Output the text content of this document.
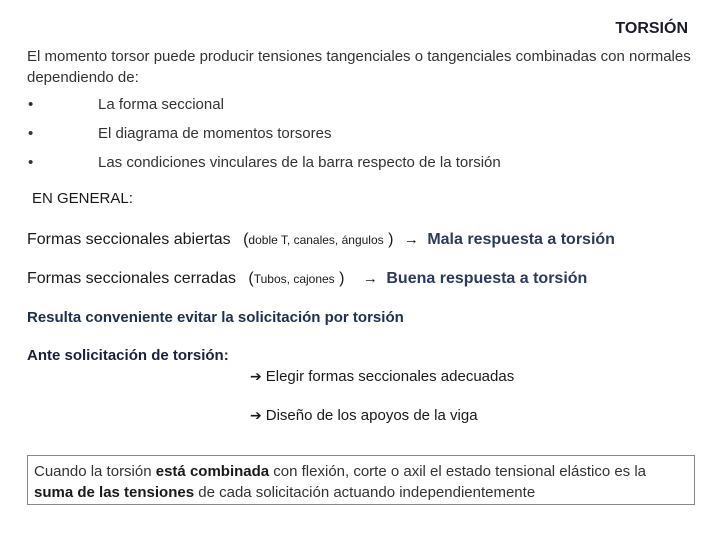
TORSIÓN
El momento torsor puede producir tensiones tangenciales o tangenciales combinadas con normales dependiendo de:
•	La forma seccional
•	El diagrama de momentos torsores
•	Las condiciones vinculares de la barra respecto de la torsión
EN GENERAL:
Formas seccionales abiertas (doble T, canales, ángulos ) → Mala respuesta a torsión
Formas seccionales cerradas (Tubos, cajones ) → Buena respuesta a torsión
Resulta conveniente evitar la solicitación por torsión
Ante solicitación de torsión:
➔ Elegir formas seccionales adecuadas
➔ Diseño de los apoyos de la viga
Cuando la torsión está combinada con flexión, corte o axil el estado tensional elástico es la suma de las tensiones de cada solicitación actuando independientemente
